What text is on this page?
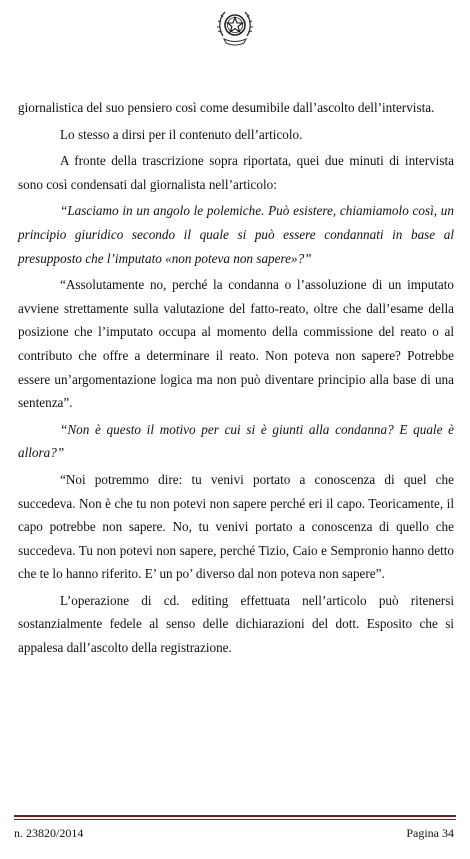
giornalistica del suo pensiero così come desumibile dall’ascolto dell’intervista.

Lo stesso a dirsi per il contenuto dell’articolo.

A fronte della trascrizione sopra riportata, quei due minuti di intervista sono così condensati dal giornalista nell’articolo:

“Lasciamo in un angolo le polemiche. Può esistere, chiamiamolo così, un principio giuridico secondo il quale si può essere condannati in base al presupposto che l’imputato «non poteva non sapere»?”

“Assolutamente no, perché la condanna o l’assoluzione di un imputato avviene strettamente sulla valutazione del fatto-reato, oltre che dall’esame della posizione che l’imputato occupa al momento della commissione del reato o al contributo che offre a determinare il reato. Non poteva non sapere? Potrebbe essere un’argomentazione logica ma non può diventare principio alla base di una sentenza”.

“Non è questo il motivo per cui si è giunti alla condanna? E quale è allora?”

“Noi potremmo dire: tu venivi portato a conoscenza di quel che succedeva. Non è che tu non potevi non sapere perché eri il capo. Teoricamente, il capo potrebbe non sapere. No, tu venivi portato a conoscenza di quello che succedeva. Tu non potevi non sapere, perché Tizio, Caio e Sempronio hanno detto che te lo hanno riferito. E’ un po’ diverso dal non poteva non sapere”.

L’operazione di cd. editing effettuata nell’articolo può ritenersi sostanzialmente fedele al senso delle dichiarazioni del dott. Esposito che si appalesa dall’ascolto della registrazione.

n. 23820/2014	Pagina 34
